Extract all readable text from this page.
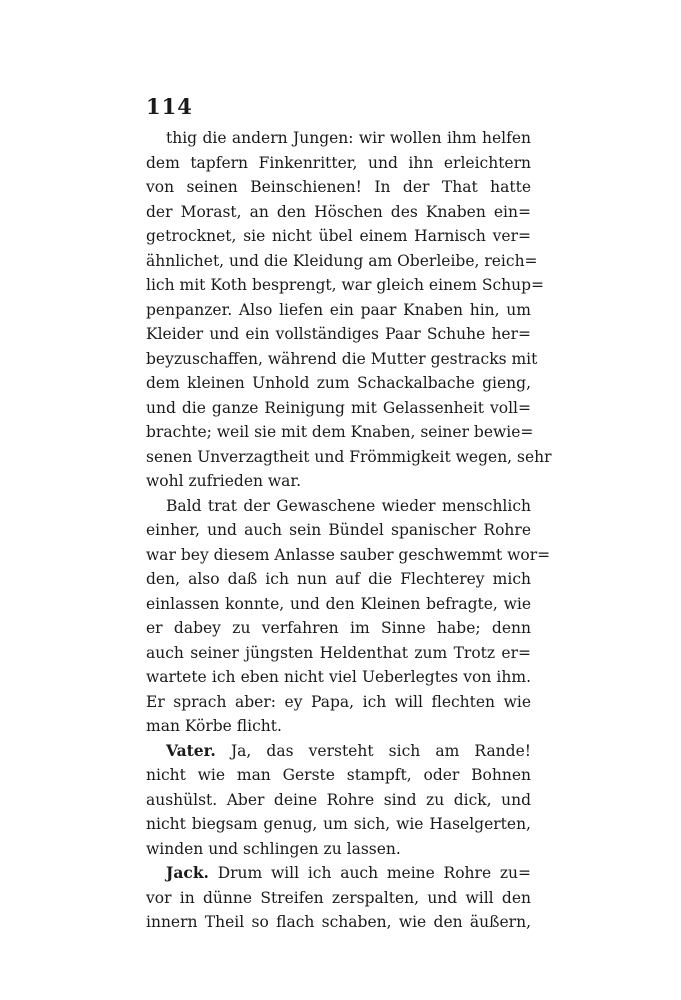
114
thig die andern Jungen: wir wollen ihm helfen
dem tapfern Finkenritter, und ihn erleichtern
von seinen Beinschienen! In der That hatte
der Morast, an den Höschen des Knaben ein=
getrocknet, sie nicht übel einem Harnisch ver=
ähnlichet, und die Kleidung am Oberleibe, reich=
lich mit Koth besprengt, war gleich einem Schup=
penpanzer. Also liefen ein paar Knaben hin, um
Kleider und ein vollständiges Paar Schuhe her=
beyzuschaffen, während die Mutter gestracks mit
dem kleinen Unhold zum Schackalbache gieng,
und die ganze Reinigung mit Gelassenheit voll=
brachte; weil sie mit dem Knaben, seiner bewie=
senen Unverzagtheit und Frömmigkeit wegen, sehr
wohl zufrieden war.
Bald trat der Gewaschene wieder menschlich
einher, und auch sein Bündel spanischer Rohre
war bey diesem Anlasse sauber geschwemmt wor=
den, also daß ich nun auf die Flechterey mich
einlassen konnte, und den Kleinen befragte, wie
er dabey zu verfahren im Sinne habe; denn
auch seiner jüngsten Heldenthat zum Trotz er=
wartete ich eben nicht viel Ueberlegtes von ihm.
Er sprach aber: ey Papa, ich will flechten wie
man Körbe flicht.
Vater. Ja, das versteht sich am Rande!
nicht wie man Gerste stampft, oder Bohnen
aushülst. Aber deine Rohre sind zu dick, und
nicht biegsam genug, um sich, wie Haselgerten,
winden und schlingen zu lassen.
Jack. Drum will ich auch meine Rohre zu=
vor in dünne Streifen zerspalten, und will den
innern Theil so flach schaben, wie den äußern,
